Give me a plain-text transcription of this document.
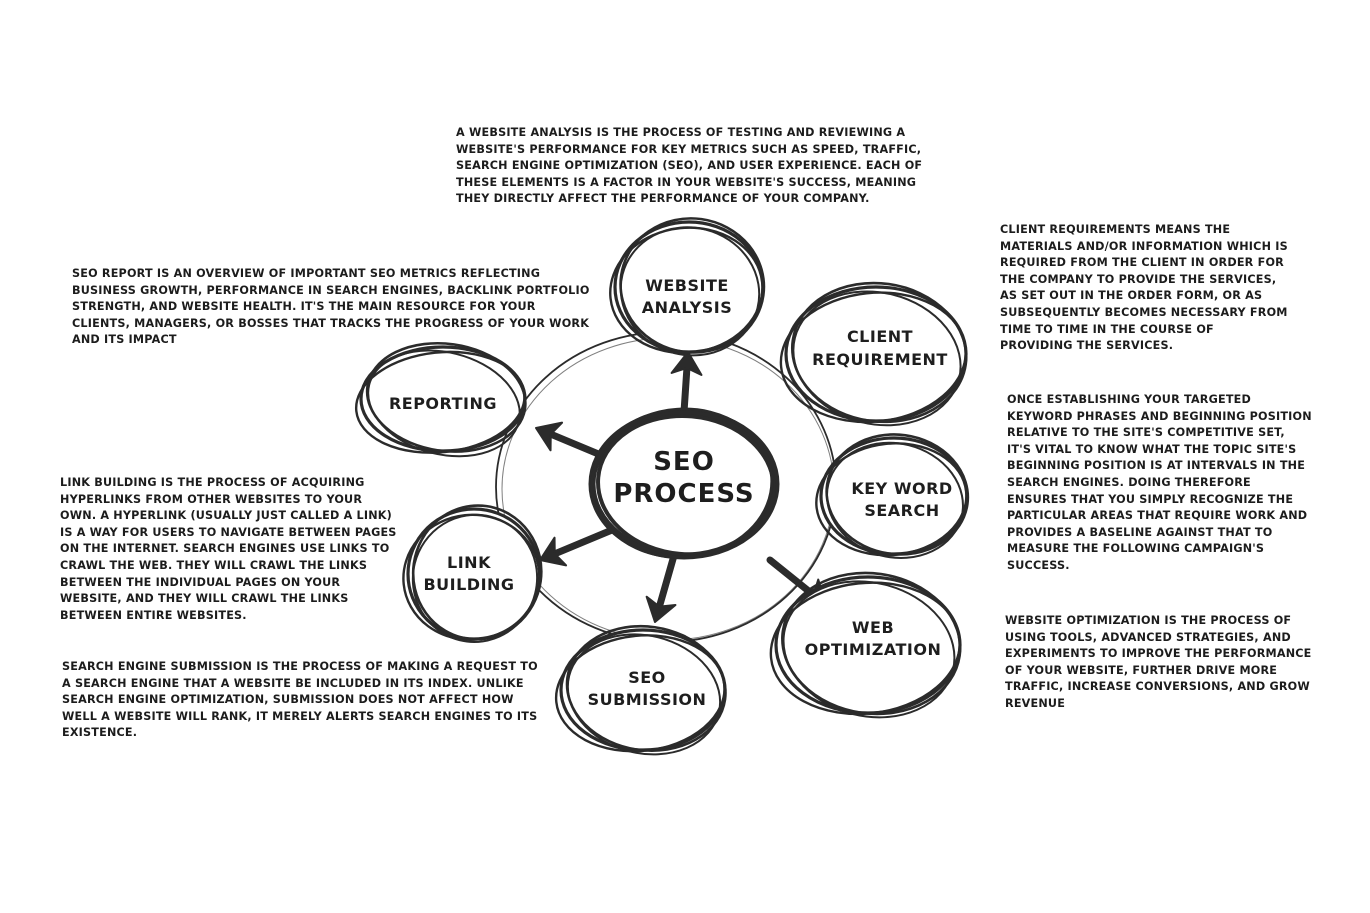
SEO
PROCESS
WEBSITE
ANALYSIS
CLIENT
REQUIREMENT
KEY WORD
SEARCH
WEB
OPTIMIZATION
SEO
SUBMISSION
LINK
BUILDING
REPORTING

A WEBSITE ANALYSIS IS THE PROCESS OF TESTING AND REVIEWING A WEBSITE'S PERFORMANCE FOR KEY METRICS SUCH AS SPEED, TRAFFIC, SEARCH ENGINE OPTIMIZATION (SEO), AND USER EXPERIENCE. EACH OF THESE ELEMENTS IS A FACTOR IN YOUR WEBSITE'S SUCCESS, MEANING THEY DIRECTLY AFFECT THE PERFORMANCE OF YOUR COMPANY.

CLIENT REQUIREMENTS MEANS THE MATERIALS AND/OR INFORMATION WHICH IS REQUIRED FROM THE CLIENT IN ORDER FOR THE COMPANY TO PROVIDE THE SERVICES, AS SET OUT IN THE ORDER FORM, OR AS SUBSEQUENTLY BECOMES NECESSARY FROM TIME TO TIME IN THE COURSE OF PROVIDING THE SERVICES.

ONCE ESTABLISHING YOUR TARGETED KEYWORD PHRASES AND BEGINNING POSITION RELATIVE TO THE SITE'S COMPETITIVE SET, IT'S VITAL TO KNOW WHAT THE TOPIC SITE'S BEGINNING POSITION IS AT INTERVALS IN THE SEARCH ENGINES. DOING THEREFORE ENSURES THAT YOU SIMPLY RECOGNIZE THE PARTICULAR AREAS THAT REQUIRE WORK AND PROVIDES A BASELINE AGAINST THAT TO MEASURE THE FOLLOWING CAMPAIGN'S SUCCESS.

WEBSITE OPTIMIZATION IS THE PROCESS OF USING TOOLS, ADVANCED STRATEGIES, AND EXPERIMENTS TO IMPROVE THE PERFORMANCE OF YOUR WEBSITE, FURTHER DRIVE MORE TRAFFIC, INCREASE CONVERSIONS, AND GROW REVENUE

SEARCH ENGINE SUBMISSION IS THE PROCESS OF MAKING A REQUEST TO A SEARCH ENGINE THAT A WEBSITE BE INCLUDED IN ITS INDEX. UNLIKE SEARCH ENGINE OPTIMIZATION, SUBMISSION DOES NOT AFFECT HOW WELL A WEBSITE WILL RANK, IT MERELY ALERTS SEARCH ENGINES TO ITS EXISTENCE.

LINK BUILDING IS THE PROCESS OF ACQUIRING HYPERLINKS FROM OTHER WEBSITES TO YOUR OWN. A HYPERLINK (USUALLY JUST CALLED A LINK) IS A WAY FOR USERS TO NAVIGATE BETWEEN PAGES ON THE INTERNET. SEARCH ENGINES USE LINKS TO CRAWL THE WEB. THEY WILL CRAWL THE LINKS BETWEEN THE INDIVIDUAL PAGES ON YOUR WEBSITE, AND THEY WILL CRAWL THE LINKS BETWEEN ENTIRE WEBSITES.

SEO REPORT IS AN OVERVIEW OF IMPORTANT SEO METRICS REFLECTING BUSINESS GROWTH, PERFORMANCE IN SEARCH ENGINES, BACKLINK PORTFOLIO STRENGTH, AND WEBSITE HEALTH. IT'S THE MAIN RESOURCE FOR YOUR CLIENTS, MANAGERS, OR BOSSES THAT TRACKS THE PROGRESS OF YOUR WORK AND ITS IMPACT
